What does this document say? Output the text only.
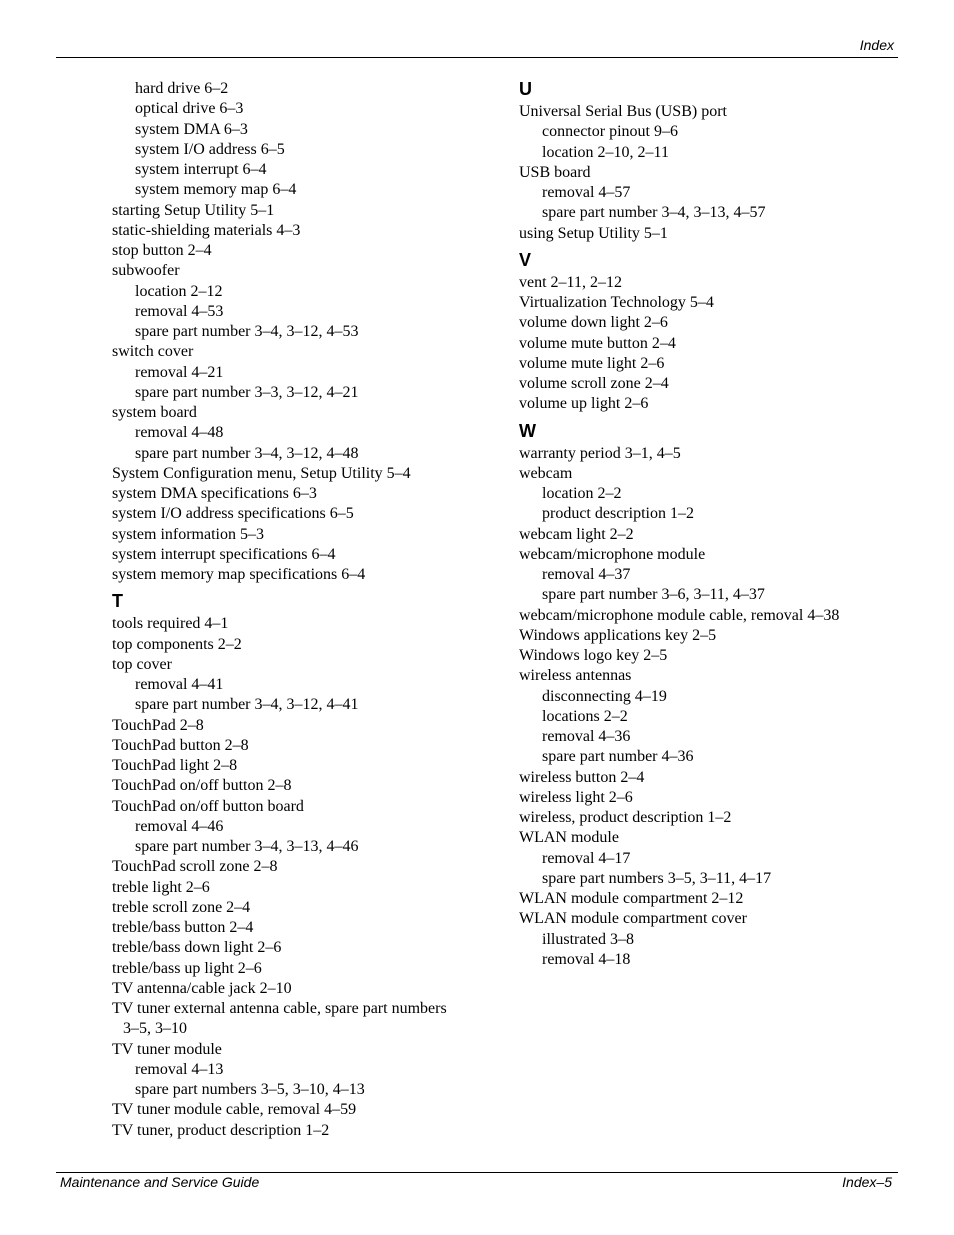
Index
hard drive 6–2
optical drive 6–3
system DMA 6–3
system I/O address 6–5
system interrupt 6–4
system memory map 6–4
starting Setup Utility 5–1
static-shielding materials 4–3
stop button 2–4
subwoofer
location 2–12
removal 4–53
spare part number 3–4, 3–12, 4–53
switch cover
removal 4–21
spare part number 3–3, 3–12, 4–21
system board
removal 4–48
spare part number 3–4, 3–12, 4–48
System Configuration menu, Setup Utility 5–4
system DMA specifications 6–3
system I/O address specifications 6–5
system information 5–3
system interrupt specifications 6–4
system memory map specifications 6–4
T
tools required 4–1
top components 2–2
top cover
removal 4–41
spare part number 3–4, 3–12, 4–41
TouchPad 2–8
TouchPad button 2–8
TouchPad light 2–8
TouchPad on/off button 2–8
TouchPad on/off button board
removal 4–46
spare part number 3–4, 3–13, 4–46
TouchPad scroll zone 2–8
treble light 2–6
treble scroll zone 2–4
treble/bass button 2–4
treble/bass down light 2–6
treble/bass up light 2–6
TV antenna/cable jack 2–10
TV tuner external antenna cable, spare part numbers
3–5, 3–10
TV tuner module
removal 4–13
spare part numbers 3–5, 3–10, 4–13
TV tuner module cable, removal 4–59
TV tuner, product description 1–2
U
Universal Serial Bus (USB) port
connector pinout 9–6
location 2–10, 2–11
USB board
removal 4–57
spare part number 3–4, 3–13, 4–57
using Setup Utility 5–1
V
vent 2–11, 2–12
Virtualization Technology 5–4
volume down light 2–6
volume mute button 2–4
volume mute light 2–6
volume scroll zone 2–4
volume up light 2–6
W
warranty period 3–1, 4–5
webcam
location 2–2
product description 1–2
webcam light 2–2
webcam/microphone module
removal 4–37
spare part number 3–6, 3–11, 4–37
webcam/microphone module cable, removal 4–38
Windows applications key 2–5
Windows logo key 2–5
wireless antennas
disconnecting 4–19
locations 2–2
removal 4–36
spare part number 4–36
wireless button 2–4
wireless light 2–6
wireless, product description 1–2
WLAN module
removal 4–17
spare part numbers 3–5, 3–11, 4–17
WLAN module compartment 2–12
WLAN module compartment cover
illustrated 3–8
removal 4–18
Maintenance and Service Guide	Index–5
